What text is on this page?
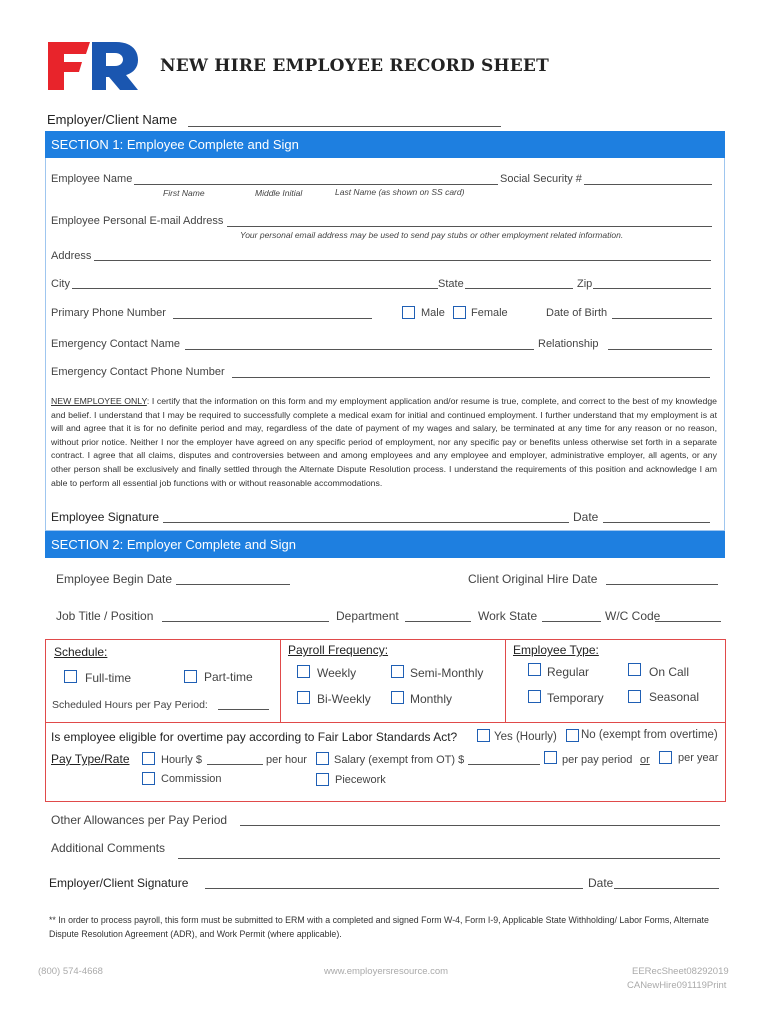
NEW HIRE EMPLOYEE RECORD SHEET
Employer/Client Name
SECTION 1: Employee Complete and Sign
Employee Name
First Name	Middle Initial	Last Name (as shown on SS card)
Social Security #
Employee Personal E-mail Address
Your personal email address may be used to send pay stubs or other employment related information.
Address
City	State	Zip
Primary Phone Number	Male Female	Date of Birth
Emergency Contact Name	Relationship
Emergency Contact Phone Number
NEW EMPLOYEE ONLY: I certify that the information on this form and my employment application and/or resume is true, complete, and correct to the best of my knowledge and belief. I understand that I may be required to successfully complete a medical exam for initial and continued employment. I further understand that my employment is at will and agree that it is for no definite period and may, regardless of the date of payment of my wages and salary, be terminated at any time for any reason or no reason, without prior notice. Neither I nor the employer have agreed on any specific period of employment, nor any specific pay or benefits unless otherwise set forth in a separate contract. I agree that all claims, disputes and controversies between and among employees and any employee and employer, administrative employer, all agents, or any other person shall be exclusively and finally settled through the Alternate Dispute Resolution process. I understand the requirements of this position and acknowledge I am able to perform all essential job functions with or without reasonable accommodations.
Employee Signature	Date
SECTION 2: Employer Complete and Sign
Employee Begin Date	Client Original Hire Date
Job Title / Position	Department	Work State	W/C Code
Schedule:
Full-time	Part-time
Scheduled Hours per Pay Period:
Payroll Frequency:
Weekly	Semi-Monthly
Bi-Weekly	Monthly
Employee Type:
Regular	On Call
Temporary	Seasonal
Is employee eligible for overtime pay according to Fair Labor Standards Act?	Yes (Hourly) No (exempt from overtime)
Pay Type/Rate	Hourly $	per hour Salary (exempt from OT) $	per pay period or	per year
Commission	Piecework
Other Allowances per Pay Period
Additional Comments
Employer/Client Signature	Date
** In order to process payroll, this form must be submitted to ERM with a completed and signed Form W-4, Form I-9, Applicable State Withholding/ Labor Forms, Alternate Dispute Resolution Agreement (ADR), and Work Permit (where applicable).
(800) 574-4668	www.employersresource.com	EERecSheet08292019
CANewHire091119Print
